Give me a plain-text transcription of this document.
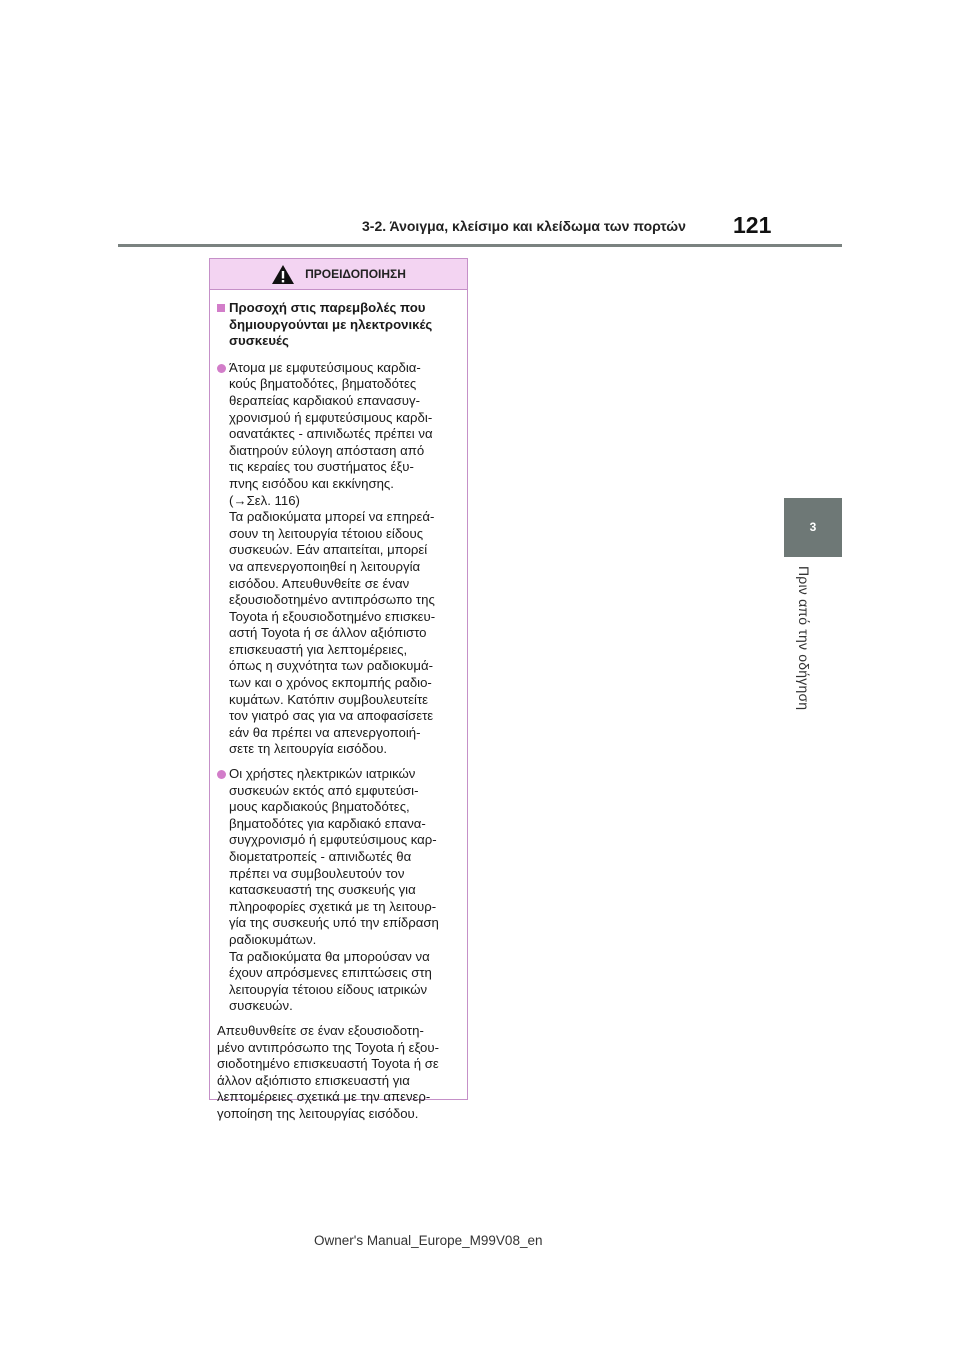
3-2. Άνοιγμα, κλείσιμο και κλείδωμα των πορτών 121
3
Πριν από την οδήγηση
ΠΡΟΕΙΔΟΠΟΙΗΣΗ
Προσοχή στις παρεμβολές που
δημιουργούνται με ηλεκτρονικές
συσκευές
Άτομα με εμφυτεύσιμους καρδια-
κούς βηματοδότες, βηματοδότες
θεραπείας καρδιακού επανασυγ-
χρονισμού ή εμφυτεύσιμους καρδι-
οανατάκτες - απινιδωτές πρέπει να
διατηρούν εύλογη απόσταση από
τις κεραίες του συστήματος έξυ-
πνης εισόδου και εκκίνησης.
(→Σελ. 116)
Τα ραδιοκύματα μπορεί να επηρεά-
σουν τη λειτουργία τέτοιου είδους
συσκευών. Εάν απαιτείται, μπορεί
να απενεργοποιηθεί η λειτουργία
εισόδου. Απευθυνθείτε σε έναν
εξουσιοδοτημένο αντιπρόσωπο της
Toyota ή εξουσιοδοτημένο επισκευ-
αστή Toyota ή σε άλλον αξιόπιστο
επισκευαστή για λεπτομέρειες,
όπως η συχνότητα των ραδιοκυμά-
των και ο χρόνος εκπομπής ραδιο-
κυμάτων. Κατόπιν συμβουλευτείτε
τον γιατρό σας για να αποφασίσετε
εάν θα πρέπει να απενεργοποιή-
σετε τη λειτουργία εισόδου.
Οι χρήστες ηλεκτρικών ιατρικών
συσκευών εκτός από εμφυτεύσι-
μους καρδιακούς βηματοδότες,
βηματοδότες για καρδιακό επανα-
συγχρονισμό ή εμφυτεύσιμους καρ-
διομετατροπείς - απινιδωτές θα
πρέπει να συμβουλευτούν τον
κατασκευαστή της συσκευής για
πληροφορίες σχετικά με τη λειτουρ-
γία της συσκευής υπό την επίδραση
ραδιοκυμάτων.
Τα ραδιοκύματα θα μπορούσαν να
έχουν απρόσμενες επιπτώσεις στη
λειτουργία τέτοιου είδους ιατρικών
συσκευών.
Απευθυνθείτε σε έναν εξουσιοδοτη-
μένο αντιπρόσωπο της Toyota ή εξου-
σιοδοτημένο επισκευαστή Toyota ή σε
άλλον αξιόπιστο επισκευαστή για
λεπτομέρειες σχετικά με την απενερ-
γοποίηση της λειτουργίας εισόδου.
Owner's Manual_Europe_M99V08_en
